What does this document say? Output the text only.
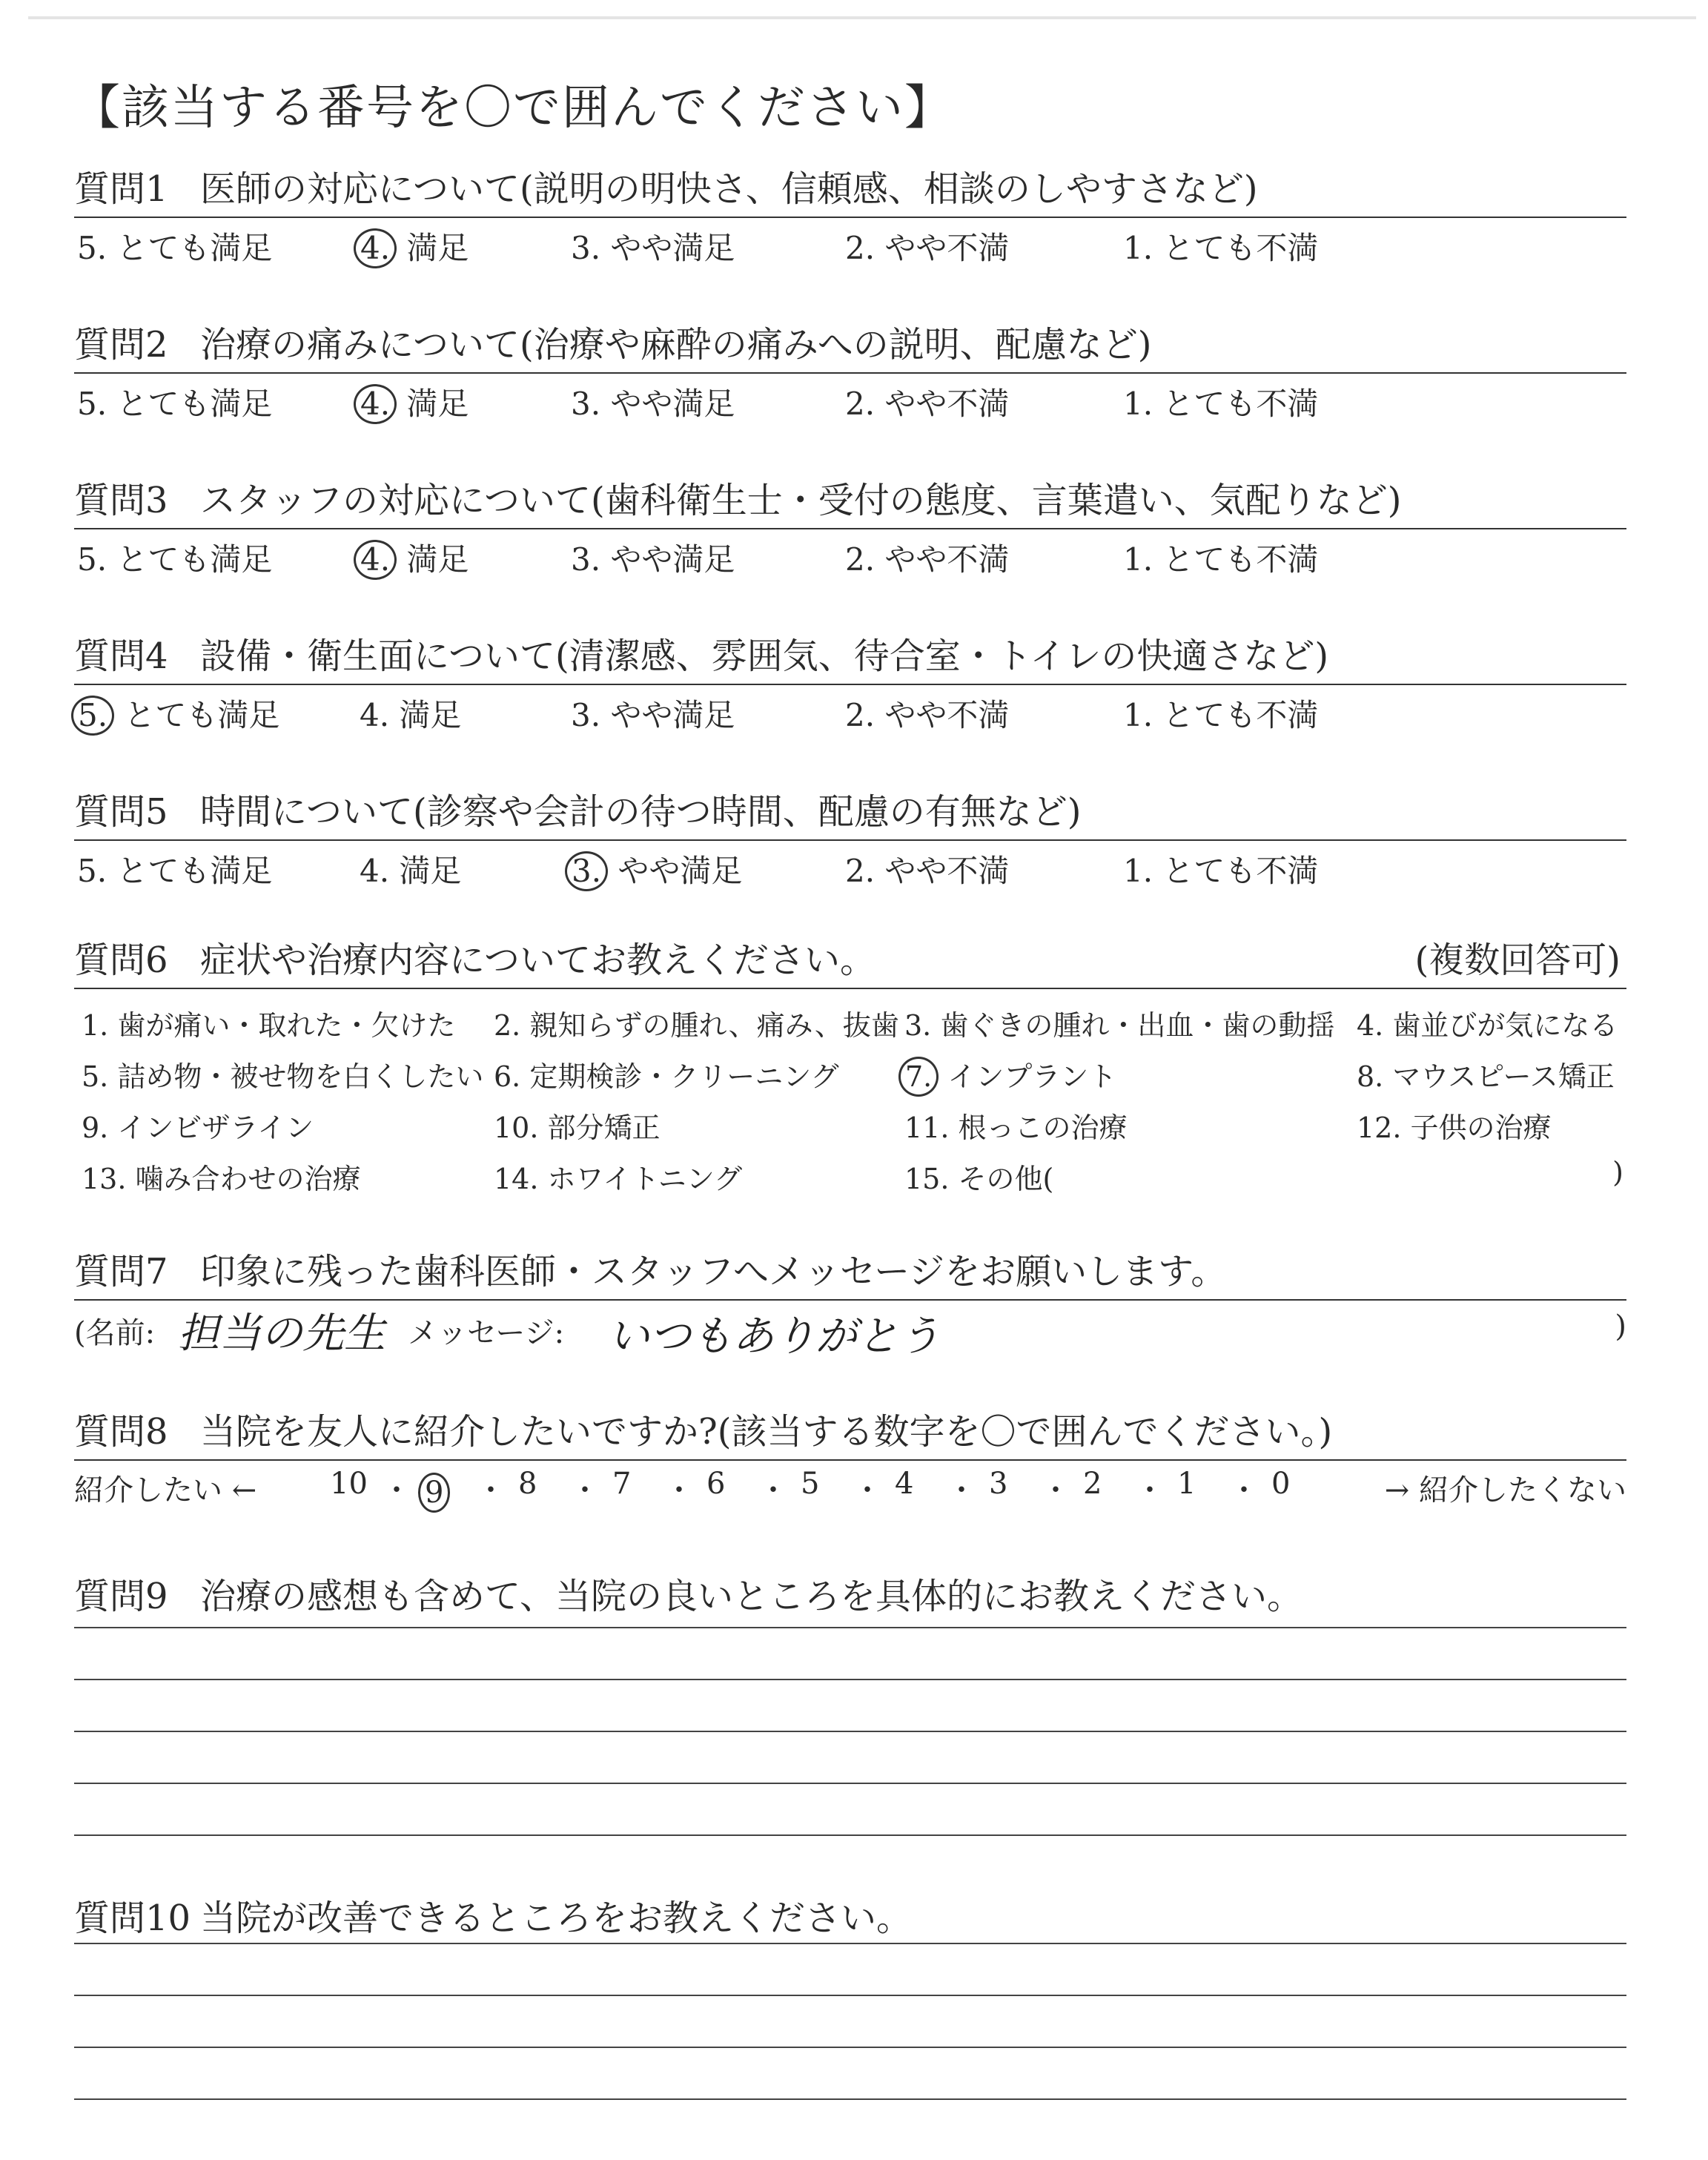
【該当する番号を〇で囲んでください】
質問1 医師の対応について(説明の明快さ、信頼感、相談のしやすさなど)
5. とても満足	4. 満足	3. やや満足	2. やや不満	1. とても不満
質問2 治療の痛みについて(治療や麻酔の痛みへの説明、配慮など)
5. とても満足	4. 満足	3. やや満足	2. やや不満	1. とても不満
質問3 スタッフの対応について(歯科衛生士・受付の態度、言葉遣い、気配りなど)
5. とても満足	4. 満足	3. やや満足	2. やや不満	1. とても不満
質問4 設備・衛生面について(清潔感、雰囲気、待合室・トイレの快適さなど)
5. とても満足	4. 満足	3. やや満足	2. やや不満	1. とても不満
質問5 時間について(診察や会計の待つ時間、配慮の有無など)
5. とても満足	4. 満足	3. やや満足	2. やや不満	1. とても不満
質問6 症状や治療内容についてお教えください。	(複数回答可)
1. 歯が痛い・取れた・欠けた 2. 親知らずの腫れ、痛み、抜歯 3. 歯ぐきの腫れ・出血・歯の動揺 4. 歯並びが気になる
5. 詰め物・被せ物を白くしたい 6. 定期検診・クリーニング 7. インプラント	8. マウスピース矯正
9. インビザライン	10. 部分矯正	11. 根っこの治療	12. 子供の治療
13. 噛み合わせの治療	14. ホワイトニング	15. その他(	)
質問7 印象に残った歯科医師・スタッフへメッセージをお願いします。
(名前: 担当の先生 メッセージ: いつもありがとう	)
質問8 当院を友人に紹介したいですか?(該当する数字を〇で囲んでください。)
紹介したい ←	→ 紹介したくない
10 ・ 9 ・ 8 ・ 7 ・ 6 ・ 5 ・ 4 ・ 3 ・ 2 ・ 1 ・ 0
質問9 治療の感想も含めて、当院の良いところを具体的にお教えください。
質問10 当院が改善できるところをお教えください。
